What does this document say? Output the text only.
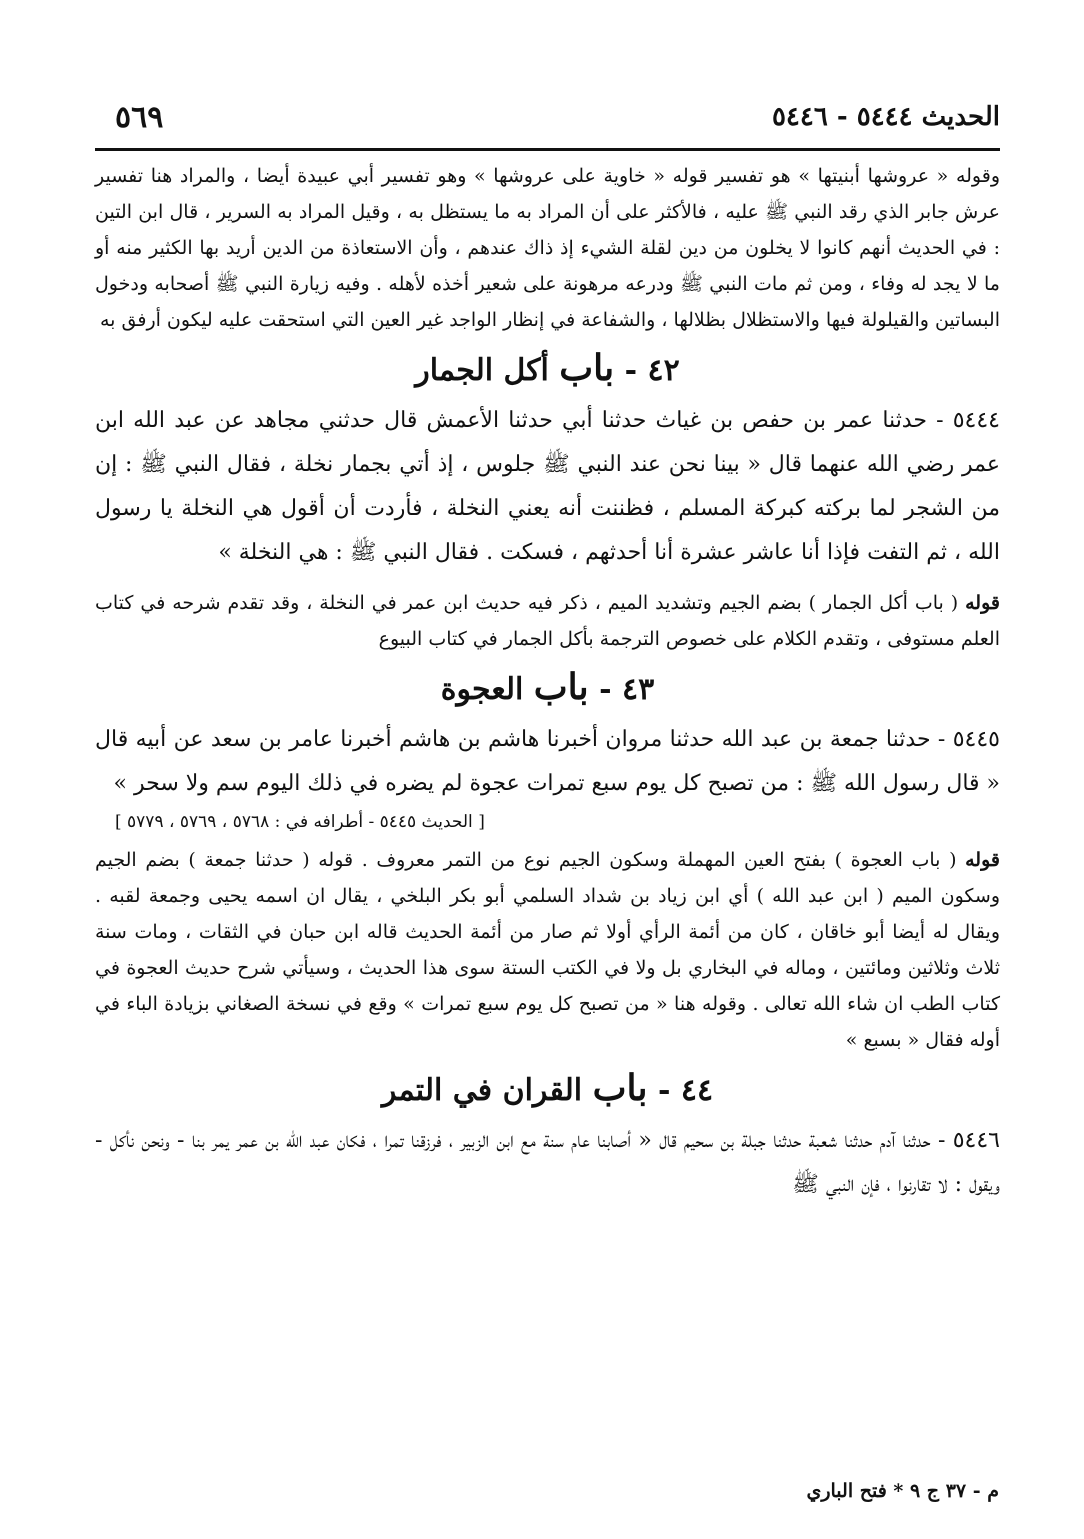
الحديث ٥٤٤٤ - ٥٤٤٦
٥٦٩

وقوله « عروشها أبنيتها » هو تفسير قوله « خاوية على عروشها » وهو تفسير أبي عبيدة أيضا ، والمراد هنا تفسير عرش جابر الذي رقد النبي ﷺ عليه ، فالأكثر على أن المراد به ما يستظل به ، وقيل المراد به السرير ، قال ابن التين : في الحديث أنهم كانوا لا يخلون من دين لقلة الشيء إذ ذاك عندهم ، وأن الاستعاذة من الدين أريد بها الكثير منه أو ما لا يجد له وفاء ، ومن ثم مات النبي ﷺ ودرعه مرهونة على شعير أخذه لأهله . وفيه زيارة النبي ﷺ أصحابه ودخول البساتين والقيلولة فيها والاستظلال بظلالها ، والشفاعة في إنظار الواجد غير العين التي استحقت عليه ليكون أرفق به

٤٢ - باب أكل الجمار

٥٤٤٤ - حدثنا عمر بن حفص بن غياث حدثنا أبي حدثنا الأعمش قال حدثني مجاهد عن عبد الله ابن عمر رضي الله عنهما قال « بينا نحن عند النبي ﷺ جلوس ، إذ أتي بجمار نخلة ، فقال النبي ﷺ : إن من الشجر لما بركته كبركة المسلم ، فظننت أنه يعني النخلة ، فأردت أن أقول هي النخلة يا رسول الله ، ثم التفت فإذا أنا عاشر عشرة أنا أحدثهم ، فسكت . فقال النبي ﷺ : هي النخلة »

قوله ( باب أكل الجمار ) بضم الجيم وتشديد الميم ، ذكر فيه حديث ابن عمر في النخلة ، وقد تقدم شرحه في كتاب العلم مستوفى ، وتقدم الكلام على خصوص الترجمة بأكل الجمار في كتاب البيوع

٤٣ - باب العجوة

٥٤٤٥ - حدثنا جمعة بن عبد الله حدثنا مروان أخبرنا هاشم بن هاشم أخبرنا عامر بن سعد عن أبيه قال « قال رسول الله ﷺ : من تصبح كل يوم سبع تمرات عجوة لم يضره في ذلك اليوم سم ولا سحر »

[ الحديث ٥٤٤٥ - أطرافه في : ٥٧٦٨ ، ٥٧٦٩ ، ٥٧٧٩ ]

قوله ( باب العجوة ) بفتح العين المهملة وسكون الجيم نوع من التمر معروف . قوله ( حدثنا جمعة ) بضم الجيم وسكون الميم ( ابن عبد الله ) أي ابن زياد بن شداد السلمي أبو بكر البلخي ، يقال ان اسمه يحيى وجمعة لقبه . ويقال له أيضا أبو خاقان ، كان من أئمة الرأي أولا ثم صار من أئمة الحديث قاله ابن حبان في الثقات ، ومات سنة ثلاث وثلاثين ومائتين ، وماله في البخاري بل ولا في الكتب الستة سوى هذا الحديث ، وسيأتي شرح حديث العجوة في كتاب الطب ان شاء الله تعالى . وقوله هنا « من تصبح كل يوم سبع تمرات » وقع في نسخة الصغاني بزيادة الباء في أوله فقال « بسبع »

٤٤ - باب القران في التمر

٥٤٤٦ - حدثنا آدم حدثنا شعبة حدثنا جبلة بن سحيم قال « أصابنا عام سنة مع ابن الزبير ، فرزقنا تمرا ، فكان عبد الله بن عمر يمر بنا - ونحن نأكل - ويقول : لا تقارنوا ، فإن النبي ﷺ

م - ٣٧ ج ٩ * فتح الباري
